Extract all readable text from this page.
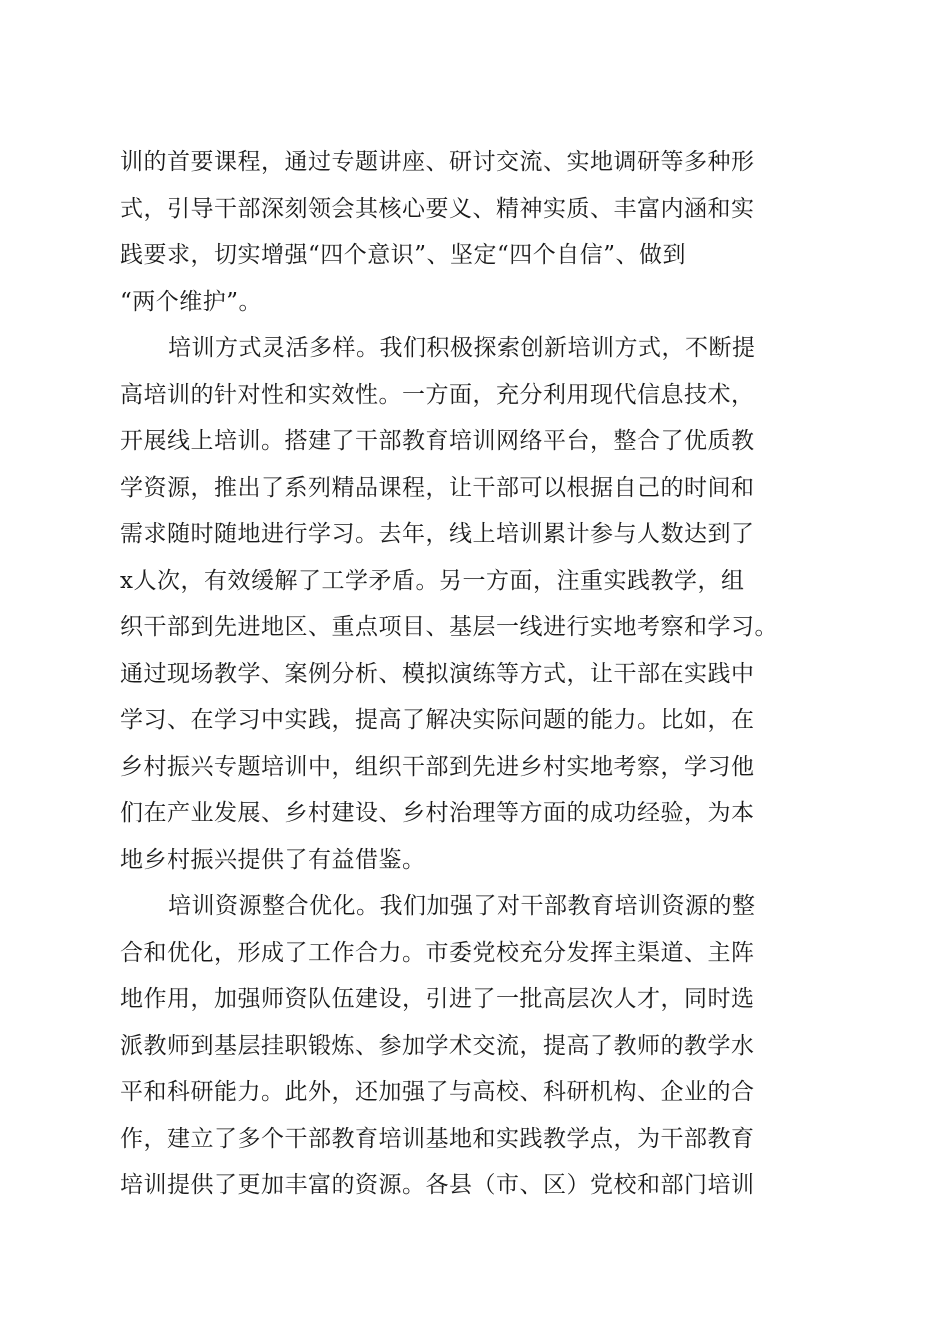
训的首要课程，通过专题讲座、研讨交流、实地调研等多种形
式，引导干部深刻领会其核心要义、精神实质、丰富内涵和实
践要求，切实增强“四个意识”、坚定“四个自信”、做到
“两个维护”。
培训方式灵活多样。我们积极探索创新培训方式，不断提
高培训的针对性和实效性。一方面，充分利用现代信息技术，
开展线上培训。搭建了干部教育培训网络平台，整合了优质教
学资源，推出了系列精品课程，让干部可以根据自己的时间和
需求随时随地进行学习。去年，线上培训累计参与人数达到了
x人次，有效缓解了工学矛盾。另一方面，注重实践教学，组
织干部到先进地区、重点项目、基层一线进行实地考察和学习。
通过现场教学、案例分析、模拟演练等方式，让干部在实践中
学习、在学习中实践，提高了解决实际问题的能力。比如，在
乡村振兴专题培训中，组织干部到先进乡村实地考察，学习他
们在产业发展、乡村建设、乡村治理等方面的成功经验，为本
地乡村振兴提供了有益借鉴。
培训资源整合优化。我们加强了对干部教育培训资源的整
合和优化，形成了工作合力。市委党校充分发挥主渠道、主阵
地作用，加强师资队伍建设，引进了一批高层次人才，同时选
派教师到基层挂职锻炼、参加学术交流，提高了教师的教学水
平和科研能力。此外，还加强了与高校、科研机构、企业的合
作，建立了多个干部教育培训基地和实践教学点，为干部教育
培训提供了更加丰富的资源。各县（市、区）党校和部门培训
